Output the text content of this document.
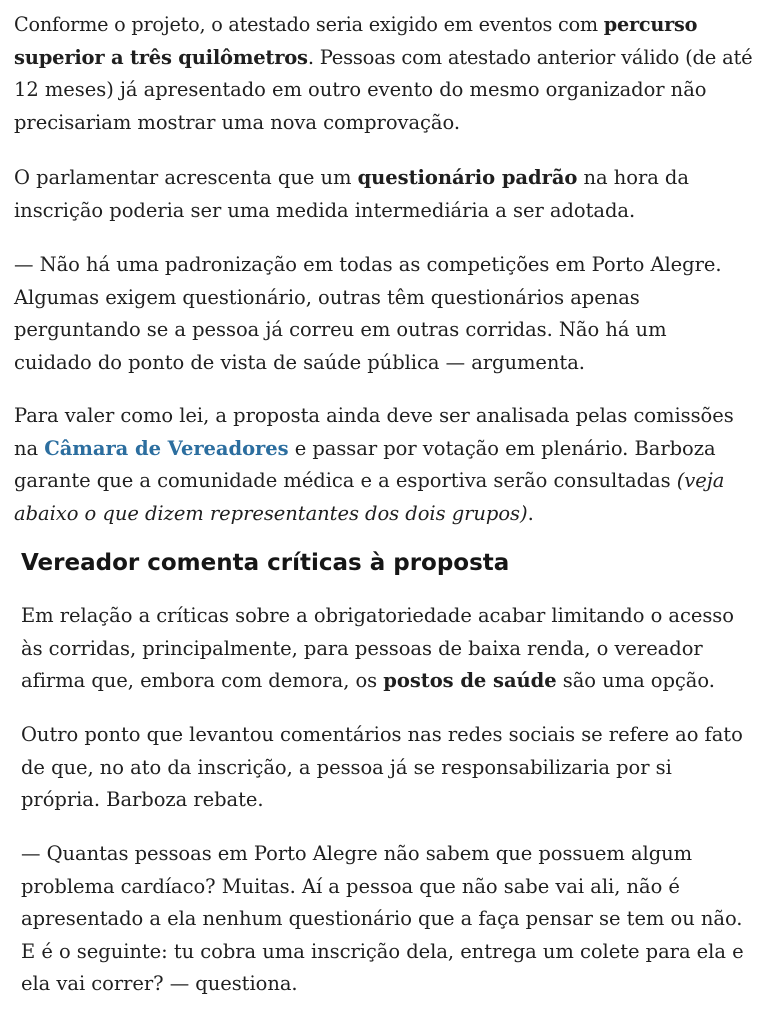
Conforme o projeto, o atestado seria exigido em eventos com percurso
superior a três quilômetros. Pessoas com atestado anterior válido (de até
12 meses) já apresentado em outro evento do mesmo organizador não
precisariam mostrar uma nova comprovação.

O parlamentar acrescenta que um questionário padrão na hora da
inscrição poderia ser uma medida intermediária a ser adotada.

— Não há uma padronização em todas as competições em Porto Alegre.
Algumas exigem questionário, outras têm questionários apenas
perguntando se a pessoa já correu em outras corridas. Não há um
cuidado do ponto de vista de saúde pública — argumenta.

Para valer como lei, a proposta ainda deve ser analisada pelas comissões
na Câmara de Vereadores e passar por votação em plenário. Barboza
garante que a comunidade médica e a esportiva serão consultadas (veja
abaixo o que dizem representantes dos dois grupos).

Vereador comenta críticas à proposta

Em relação a críticas sobre a obrigatoriedade acabar limitando o acesso
às corridas, principalmente, para pessoas de baixa renda, o vereador
afirma que, embora com demora, os postos de saúde são uma opção.

Outro ponto que levantou comentários nas redes sociais se refere ao fato
de que, no ato da inscrição, a pessoa já se responsabilizaria por si
própria. Barboza rebate.

— Quantas pessoas em Porto Alegre não sabem que possuem algum
problema cardíaco? Muitas. Aí a pessoa que não sabe vai ali, não é
apresentado a ela nenhum questionário que a faça pensar se tem ou não.
E é o seguinte: tu cobra uma inscrição dela, entrega um colete para ela e
ela vai correr? — questiona.
